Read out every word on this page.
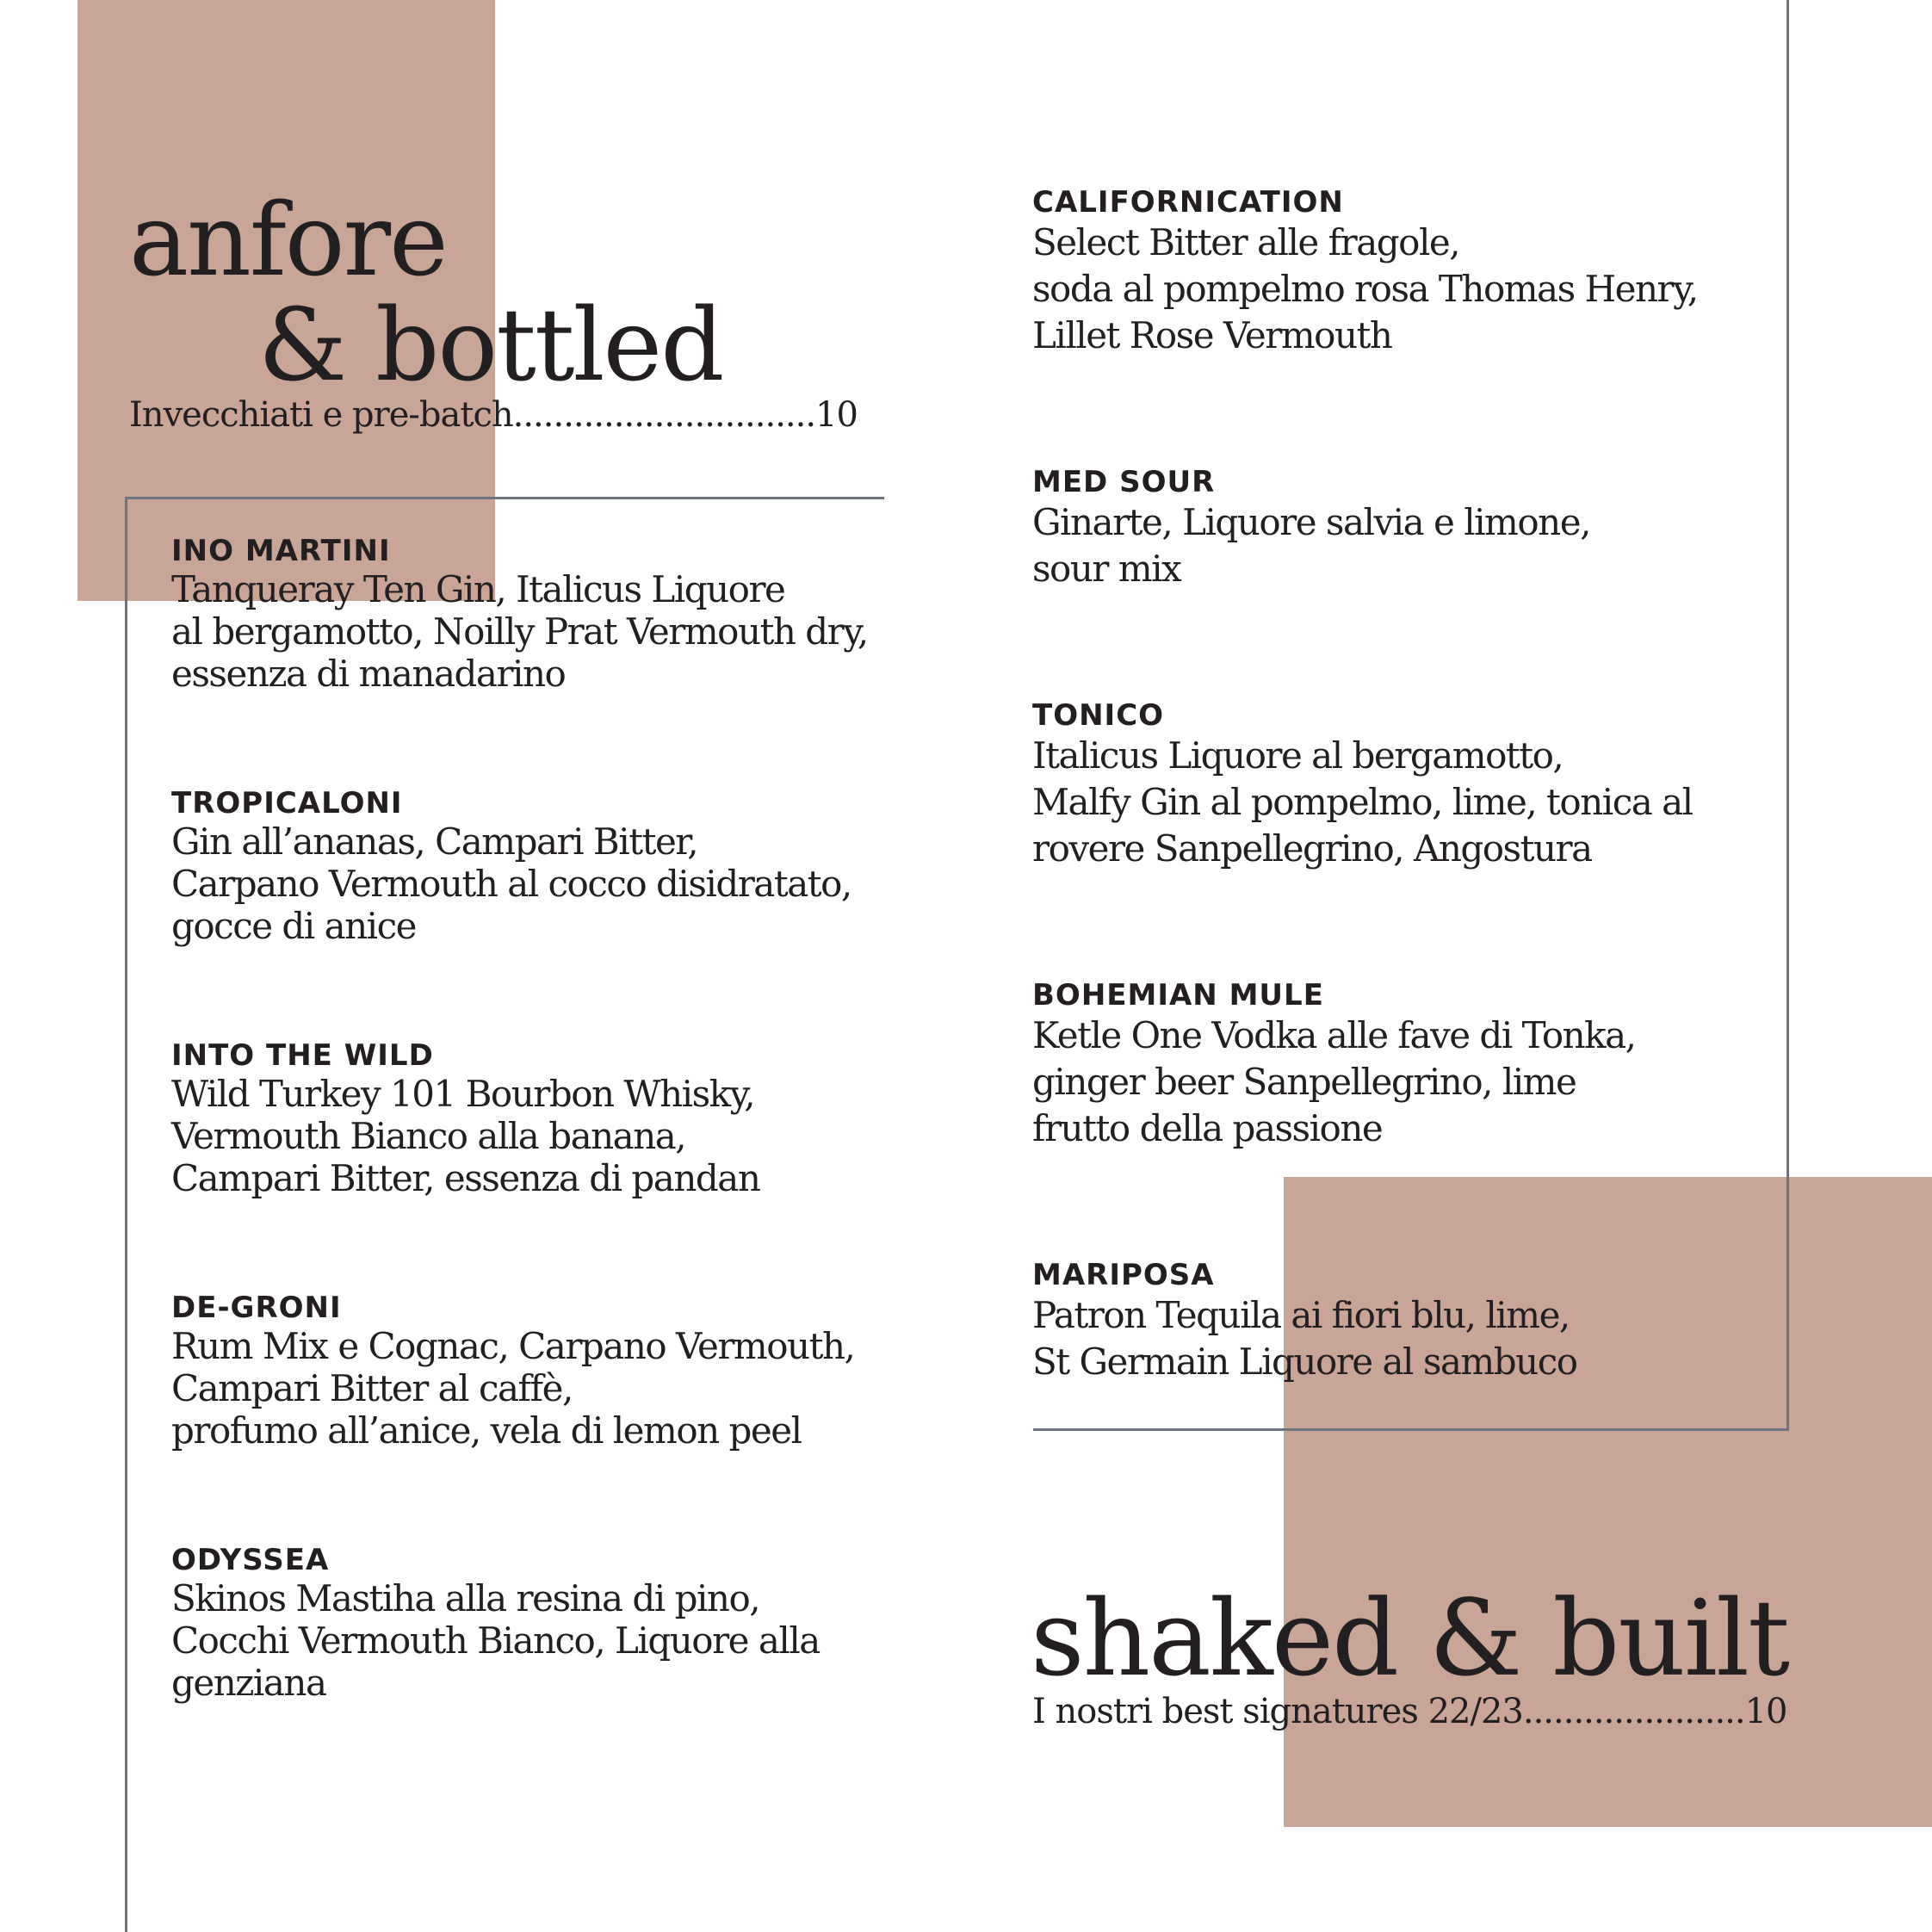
anfore
& bottled
Invecchiati e pre-batch..............................10
INO MARTINI
Tanqueray Ten Gin, Italicus Liquore
al bergamotto, Noilly Prat Vermouth dry,
essenza di manadarino
TROPICALONI
Gin all’ananas, Campari Bitter,
Carpano Vermouth al cocco disidratato,
gocce di anice
INTO THE WILD
Wild Turkey 101 Bourbon Whisky,
Vermouth Bianco alla banana,
Campari Bitter, essenza di pandan
DE-GRONI
Rum Mix e Cognac, Carpano Vermouth,
Campari Bitter al caffè,
profumo all’anice, vela di lemon peel
ODYSSEA
Skinos Mastiha alla resina di pino,
Cocchi Vermouth Bianco, Liquore alla
genziana
CALIFORNICATION
Select Bitter alle fragole,
soda al pompelmo rosa Thomas Henry,
Lillet Rose Vermouth
MED SOUR
Ginarte, Liquore salvia e limone,
sour mix
TONICO
Italicus Liquore al bergamotto,
Malfy Gin al pompelmo, lime, tonica al
rovere Sanpellegrino, Angostura
BOHEMIAN MULE
Ketle One Vodka alle fave di Tonka,
ginger beer Sanpellegrino, lime
frutto della passione
MARIPOSA
Patron Tequila ai fiori blu, lime,
St Germain Liquore al sambuco
shaked & built
I nostri best signatures 22/23......................10
